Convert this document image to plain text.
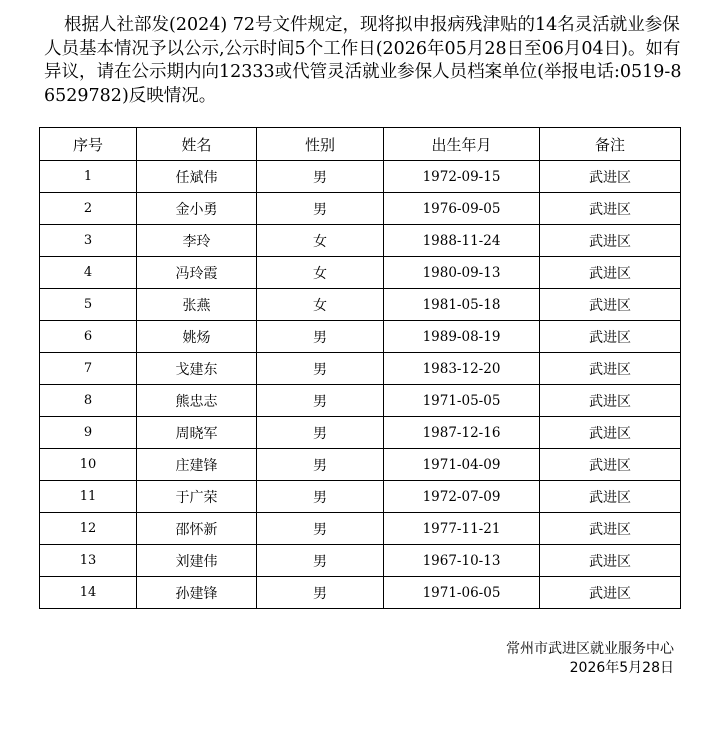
根据人社部发(2024) 72号文件规定，现将拟申报病残津贴的14名灵活就业参保人员基本情况予以公示,公示时间5个工作日(2026年05月28日至06月04日)。如有异议，请在公示期内向12333或代管灵活就业参保人员档案单位(举报电话:0519-86529782)反映情况。
序号	姓名	性别	出生年月	备注
1	任斌伟	男	1972-09-15	武进区
2	金小勇	男	1976-09-05	武进区
3	李玲	女	1988-11-24	武进区
4	冯玲霞	女	1980-09-13	武进区
5	张燕	女	1981-05-18	武进区
6	姚炀	男	1989-08-19	武进区
7	戈建东	男	1983-12-20	武进区
8	熊忠志	男	1971-05-05	武进区
9	周晓军	男	1987-12-16	武进区
10	庄建锋	男	1971-04-09	武进区
11	于广荣	男	1972-07-09	武进区
12	邵怀新	男	1977-11-21	武进区
13	刘建伟	男	1967-10-13	武进区
14	孙建锋	男	1971-06-05	武进区
常州市武进区就业服务中心
2026年5月28日
